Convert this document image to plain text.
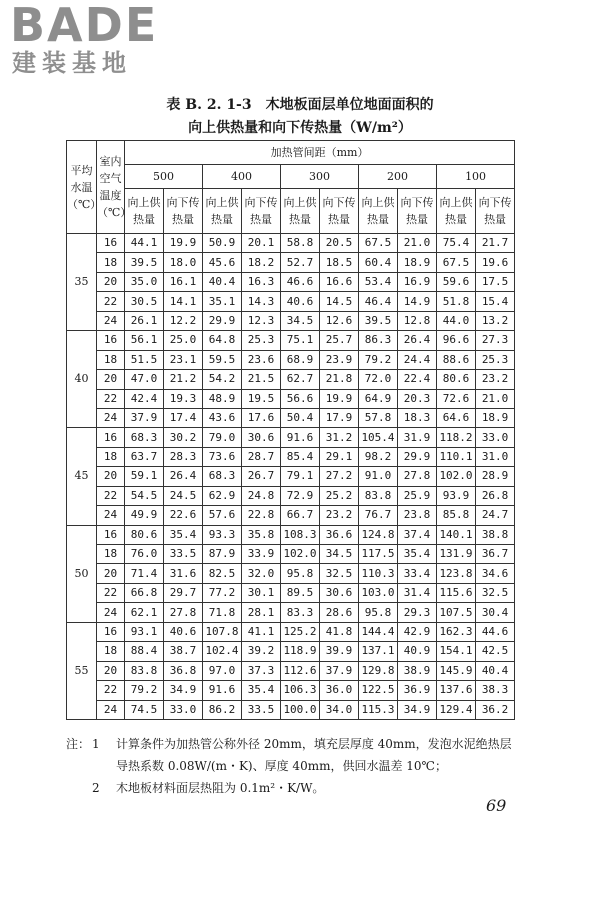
BADE
建装基地
表 B. 2. 1-3　木地板面层单位地面面积的
向上供热量和向下传热量（W/m²）
平均水温（℃）	室内空气温度（℃）	加热管间距（mm）									
		500		400		300		200		100	
		向上供热量	向下传热量	向上供热量	向下传热量	向上供热量	向下传热量	向上供热量	向下传热量	向上供热量	向下传热量
35	16	44.1	19.9	50.9	20.1	58.8	20.5	67.5	21.0	75.4	21.7
	18	39.5	18.0	45.6	18.2	52.7	18.5	60.4	18.9	67.5	19.6
	20	35.0	16.1	40.4	16.3	46.6	16.6	53.4	16.9	59.6	17.5
	22	30.5	14.1	35.1	14.3	40.6	14.5	46.4	14.9	51.8	15.4
	24	26.1	12.2	29.9	12.3	34.5	12.6	39.5	12.8	44.0	13.2
40	16	56.1	25.0	64.8	25.3	75.1	25.7	86.3	26.4	96.6	27.3
	18	51.5	23.1	59.5	23.6	68.9	23.9	79.2	24.4	88.6	25.3
	20	47.0	21.2	54.2	21.5	62.7	21.8	72.0	22.4	80.6	23.2
	22	42.4	19.3	48.9	19.5	56.6	19.9	64.9	20.3	72.6	21.0
	24	37.9	17.4	43.6	17.6	50.4	17.9	57.8	18.3	64.6	18.9
45	16	68.3	30.2	79.0	30.6	91.6	31.2	105.4	31.9	118.2	33.0
	18	63.7	28.3	73.6	28.7	85.4	29.1	98.2	29.9	110.1	31.0
	20	59.1	26.4	68.3	26.7	79.1	27.2	91.0	27.8	102.0	28.9
	22	54.5	24.5	62.9	24.8	72.9	25.2	83.8	25.9	93.9	26.8
	24	49.9	22.6	57.6	22.8	66.7	23.2	76.7	23.8	85.8	24.7
50	16	80.6	35.4	93.3	35.8	108.3	36.6	124.8	37.4	140.1	38.8
	18	76.0	33.5	87.9	33.9	102.0	34.5	117.5	35.4	131.9	36.7
	20	71.4	31.6	82.5	32.0	95.8	32.5	110.3	33.4	123.8	34.6
	22	66.8	29.7	77.2	30.1	89.5	30.6	103.0	31.4	115.6	32.5
	24	62.1	27.8	71.8	28.1	83.3	28.6	95.8	29.3	107.5	30.4
55	16	93.1	40.6	107.8	41.1	125.2	41.8	144.4	42.9	162.3	44.6
	18	88.4	38.7	102.4	39.2	118.9	39.9	137.1	40.9	154.1	42.5
	20	83.8	36.8	97.0	37.3	112.6	37.9	129.8	38.9	145.9	40.4
	22	79.2	34.9	91.6	35.4	106.3	36.0	122.5	36.9	137.6	38.3
	24	74.5	33.0	86.2	33.5	100.0	34.0	115.3	34.9	129.4	36.2
注： 1	计算条件为加热管公称外径 20mm，填充层厚度 40mm，发泡水泥绝热层
导热系数 0.08W/(m・K)、厚度 40mm，供回水温差 10℃；
2	木地板材料面层热阻为 0.1m²・K/W。
69
